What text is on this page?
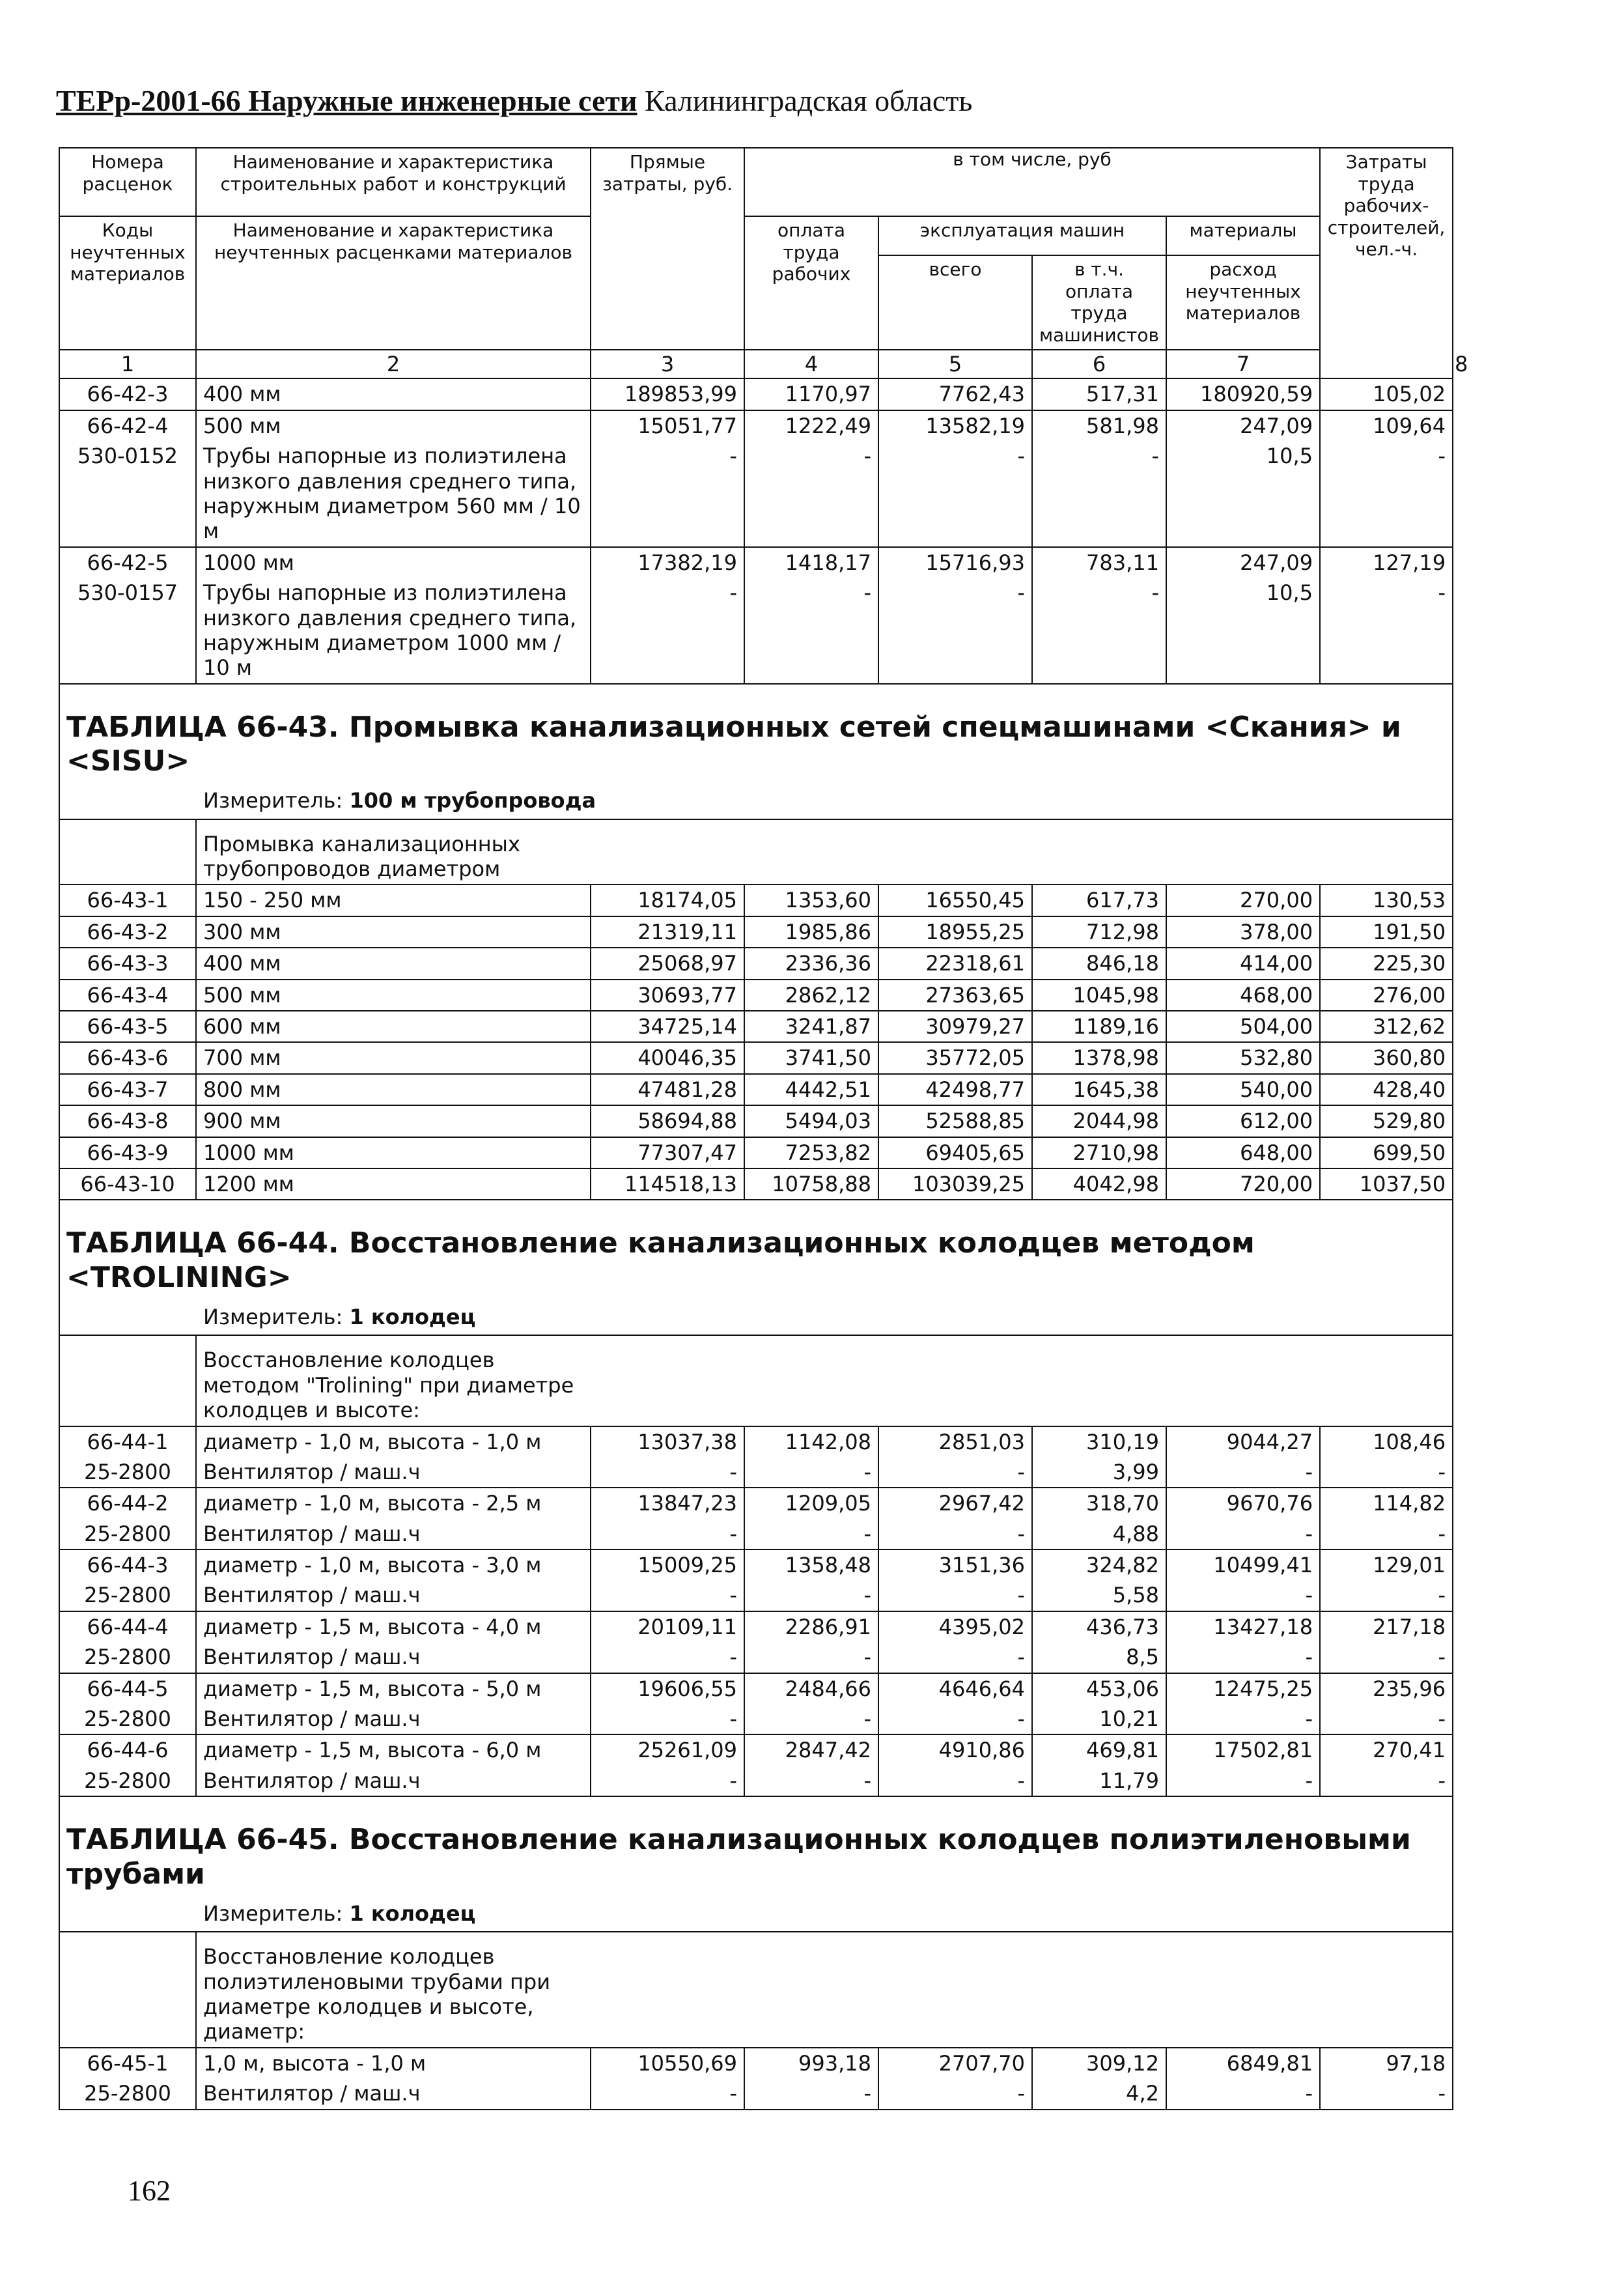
ТЕРр-2001-66 Наружные инженерные сети Калининградская область
Номера расценок	Наименование и характеристика строительных работ и конструкций	Прямые затраты, руб.	в том числе, руб				Затраты труда рабочих-строителей, чел.-ч.	
Коды неучтенных материалов	Наименование и характеристика неучтенных расценками материалов		оплата труда рабочих	эксплуатация машин		материалы		
				всего	в т.ч. оплата труда машинистов	расход неучтенных материалов		
1	2	3	4	5	6	7		8
66-42-3	400 мм	189853,99	1170,97	7762,43	517,31	180920,59	105,02	
66-42-4	500 мм	15051,77	1222,49	13582,19	581,98	247,09	109,64	
530-0152	Трубы напорные из полиэтилена низкого давления среднего типа, наружным диаметром 560 мм / 10 м	-	-	-	-	10,5	-	
66-42-5	1000 мм	17382,19	1418,17	15716,93	783,11	247,09	127,19	
530-0157	Трубы напорные из полиэтилена низкого давления среднего типа, наружным диаметром 1000 мм / 10 м	-	-	-	-	10,5	-	
ТАБЛИЦА 66-43. Промывка канализационных сетей спецмашинами <Скания> и <SISU>								
Измеритель: 100 м трубопровода								
	Промывка канализационных трубопроводов диаметром							
66-43-1	150 - 250 мм	18174,05	1353,60	16550,45	617,73	270,00	130,53	
66-43-2	300 мм	21319,11	1985,86	18955,25	712,98	378,00	191,50	
66-43-3	400 мм	25068,97	2336,36	22318,61	846,18	414,00	225,30	
66-43-4	500 мм	30693,77	2862,12	27363,65	1045,98	468,00	276,00	
66-43-5	600 мм	34725,14	3241,87	30979,27	1189,16	504,00	312,62	
66-43-6	700 мм	40046,35	3741,50	35772,05	1378,98	532,80	360,80	
66-43-7	800 мм	47481,28	4442,51	42498,77	1645,38	540,00	428,40	
66-43-8	900 мм	58694,88	5494,03	52588,85	2044,98	612,00	529,80	
66-43-9	1000 мм	77307,47	7253,82	69405,65	2710,98	648,00	699,50	
66-43-10	1200 мм	114518,13	10758,88	103039,25	4042,98	720,00	1037,50	
ТАБЛИЦА 66-44. Восстановление канализационных колодцев методом <TROLINING>								
Измеритель: 1 колодец								
	Восстановление колодцев методом "Trolining" при диаметре колодцев и высоте:							
66-44-1	диаметр - 1,0 м, высота - 1,0 м	13037,38	1142,08	2851,03	310,19	9044,27	108,46	
25-2800	Вентилятор / маш.ч	-	-	-	3,99	-	-	
66-44-2	диаметр - 1,0 м, высота - 2,5 м	13847,23	1209,05	2967,42	318,70	9670,76	114,82	
25-2800	Вентилятор / маш.ч	-	-	-	4,88	-	-	
66-44-3	диаметр - 1,0 м, высота - 3,0 м	15009,25	1358,48	3151,36	324,82	10499,41	129,01	
25-2800	Вентилятор / маш.ч	-	-	-	5,58	-	-	
66-44-4	диаметр - 1,5 м, высота - 4,0 м	20109,11	2286,91	4395,02	436,73	13427,18	217,18	
25-2800	Вентилятор / маш.ч	-	-	-	8,5	-	-	
66-44-5	диаметр - 1,5 м, высота - 5,0 м	19606,55	2484,66	4646,64	453,06	12475,25	235,96	
25-2800	Вентилятор / маш.ч	-	-	-	10,21	-	-	
66-44-6	диаметр - 1,5 м, высота - 6,0 м	25261,09	2847,42	4910,86	469,81	17502,81	270,41	
25-2800	Вентилятор / маш.ч	-	-	-	11,79	-	-	
ТАБЛИЦА 66-45. Восстановление канализационных колодцев полиэтиленовыми трубами								
Измеритель: 1 колодец								
	Восстановление колодцев полиэтиленовыми трубами при диаметре колодцев и высоте, диаметр:							
66-45-1	1,0 м, высота - 1,0 м	10550,69	993,18	2707,70	309,12	6849,81	97,18	
25-2800	Вентилятор / маш.ч	-	-	-	4,2	-	-	
162
